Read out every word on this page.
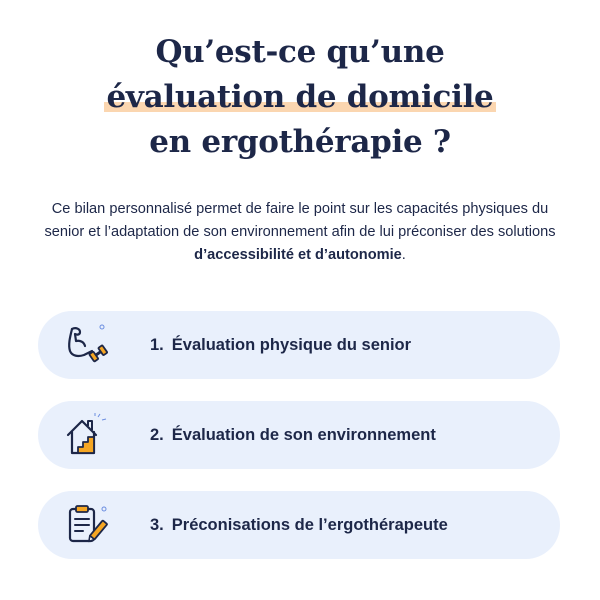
Qu’est-ce qu’une
évaluation de domicile
en ergothérapie ?

Ce bilan personnalisé permet de faire le point sur les capacités physiques du senior et l’adaptation de son environnement afin de lui préconiser des solutions d’accessibilité et d’autonomie.

1. Évaluation physique du senior
2. Évaluation de son environnement
3. Préconisations de l’ergothérapeute
